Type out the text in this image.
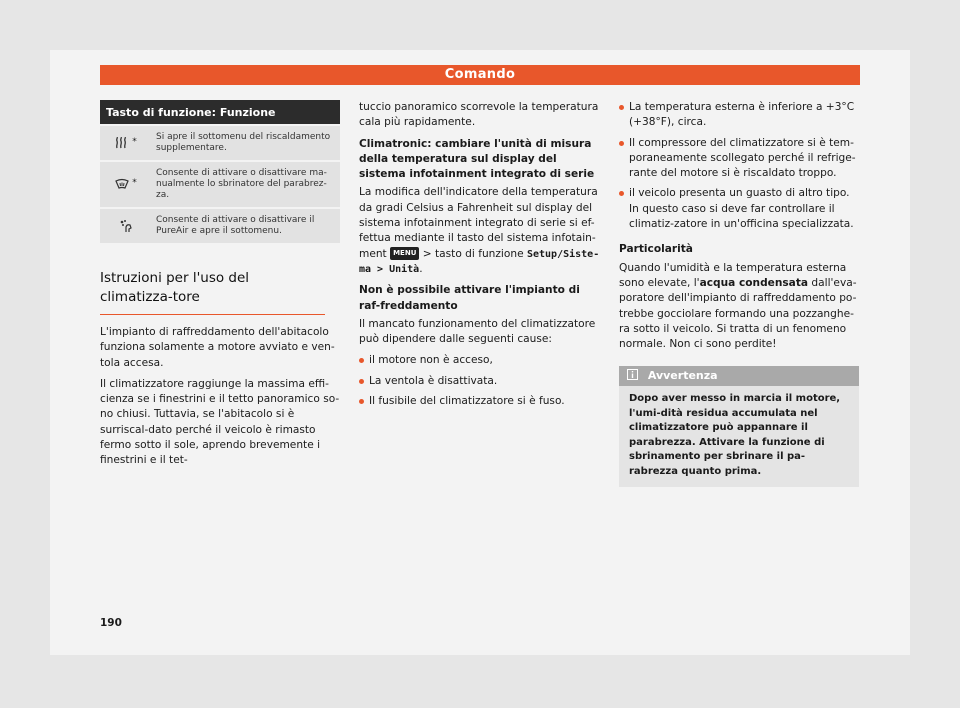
Comando
Tasto di funzione: Funzione	
*	Si apre il sottomenu del riscaldamento supplementare.
*	Consente di attivare o disattivare ma-nualmente lo sbrinatore del parabrez-za.
	Consente di attivare o disattivare il PureAir e apre il sottomenu.
Istruzioni per l'uso del climatizza-tore

L'impianto di raffreddamento dell'abitacolo funziona solamente a motore avviato e ven-tola accesa.

Il climatizzatore raggiunge la massima effi-cienza se i finestrini e il tetto panoramico so-no chiusi. Tuttavia, se l'abitacolo si è surriscal-dato perché il veicolo è rimasto fermo sotto il sole, aprendo brevemente i finestrini e il tet-

tuccio panoramico scorrevole la temperatura cala più rapidamente.

Climatronic: cambiare l'unità di misura della temperatura sul display del sistema infotainment integrato di serie

La modifica dell'indicatore della temperatura da gradi Celsius a Fahrenheit sul display del sistema infotainment integrato di serie si ef-fettua mediante il tasto del sistema infotain-ment MENU > tasto di funzione Setup/Siste-ma > Unità.

Non è possibile attivare l'impianto di raf-freddamento

Il mancato funzionamento del climatizzatore può dipendere dalle seguenti cause:

il motore non è acceso,

La ventola è disattivata.

Il fusibile del climatizzatore si è fuso.

La temperatura esterna è inferiore a +3°C (+38°F), circa.

Il compressore del climatizzatore si è tem-poraneamente scollegato perché il refrige-rante del motore si è riscaldato troppo.

il veicolo presenta un guasto di altro tipo. In questo caso si deve far controllare il climatiz-zatore in un'officina specializzata.

Particolarità

Quando l'umidità e la temperatura esterna sono elevate, l'acqua condensata dall'eva-poratore dell'impianto di raffreddamento po-trebbe gocciolare formando una pozzanghe-ra sotto il veicolo. Si tratta di un fenomeno normale. Non ci sono perdite!

Avvertenza
Dopo aver messo in marcia il motore, l'umi-dità residua accumulata nel climatizzatore può appannare il parabrezza. Attivare la funzione di sbrinamento per sbrinare il pa-rabrezza quanto prima.
190
